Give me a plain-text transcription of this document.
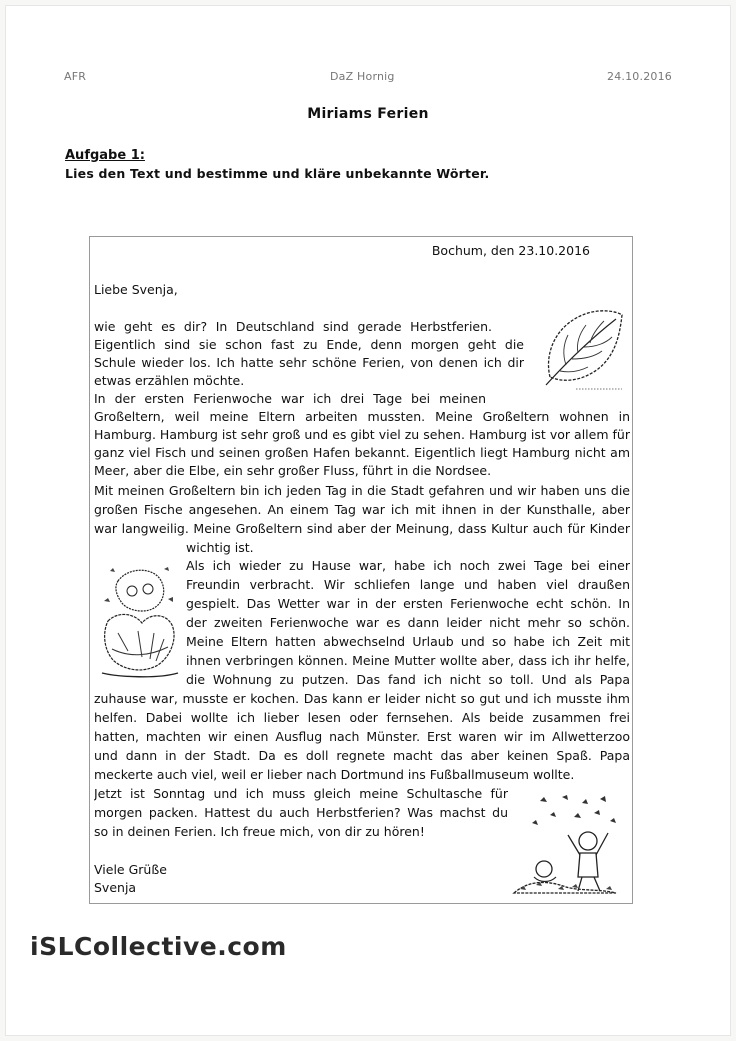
AFR	DaZ Hornig	24.10.2016
Miriams Ferien
Aufgabe 1:
Lies den Text und bestimme und kläre unbekannte Wörter.
Bochum, den 23.10.2016
Liebe Svenja,
wie geht es dir? In Deutschland sind gerade Herbstferien.
Eigentlich sind sie schon fast zu Ende, denn morgen geht die
Schule wieder los. Ich hatte sehr schöne Ferien, von denen ich dir
etwas erzählen möchte.
In der ersten Ferienwoche war ich drei Tage bei meinen
Großeltern, weil meine Eltern arbeiten mussten. Meine Großeltern wohnen in
Hamburg. Hamburg ist sehr groß und es gibt viel zu sehen. Hamburg ist vor allem für
ganz viel Fisch und seinen großen Hafen bekannt. Eigentlich liegt Hamburg nicht am
Meer, aber die Elbe, ein sehr großer Fluss, führt in die Nordsee.
Mit meinen Großeltern bin ich jeden Tag in die Stadt gefahren und wir haben uns die
großen Fische angesehen. An einem Tag war ich mit ihnen in der Kunsthalle, aber
war langweilig. Meine Großeltern sind aber der Meinung, dass Kultur auch für Kinder
wichtig ist.
Als ich wieder zu Hause war, habe ich noch zwei Tage bei einer
Freundin verbracht. Wir schliefen lange und haben viel draußen
gespielt. Das Wetter war in der ersten Ferienwoche echt schön. In
der zweiten Ferienwoche war es dann leider nicht mehr so schön.
Meine Eltern hatten abwechselnd Urlaub und so habe ich Zeit mit
ihnen verbringen können. Meine Mutter wollte aber, dass ich ihr helfe,
die Wohnung zu putzen. Das fand ich nicht so toll. Und als Papa
zuhause war, musste er kochen. Das kann er leider nicht so gut und ich musste ihm
helfen. Dabei wollte ich lieber lesen oder fernsehen. Als beide zusammen frei
hatten, machten wir einen Ausflug nach Münster. Erst waren wir im Allwetterzoo
und dann in der Stadt. Da es doll regnete macht das aber keinen Spaß. Papa
meckerte auch viel, weil er lieber nach Dortmund ins Fußballmuseum wollte.
Jetzt ist Sonntag und ich muss gleich meine Schultasche für
morgen packen. Hattest du auch Herbstferien? Was machst du
so in deinen Ferien. Ich freue mich, von dir zu hören!
Viele Grüße
Svenja
iSLCollective.com
